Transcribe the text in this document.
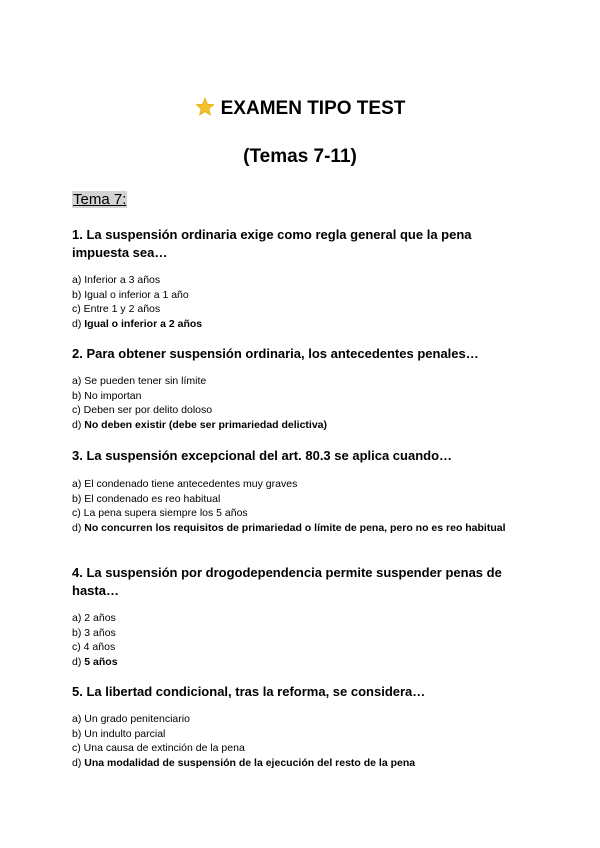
EXAMEN TIPO TEST
(Temas 7-11)
Tema 7:
1. La suspensión ordinaria exige como regla general que la pena impuesta sea…
a) Inferior a 3 años
b) Igual o inferior a 1 año
c) Entre 1 y 2 años
d) Igual o inferior a 2 años
2. Para obtener suspensión ordinaria, los antecedentes penales…
a) Se pueden tener sin límite
b) No importan
c) Deben ser por delito doloso
d) No deben existir (debe ser primariedad delictiva)
3. La suspensión excepcional del art. 80.3 se aplica cuando…
a) El condenado tiene antecedentes muy graves
b) El condenado es reo habitual
c) La pena supera siempre los 5 años
d) No concurren los requisitos de primariedad o límite de pena, pero no es reo habitual
4. La suspensión por drogodependencia permite suspender penas de hasta…
a) 2 años
b) 3 años
c) 4 años
d) 5 años
5. La libertad condicional, tras la reforma, se considera…
a) Un grado penitenciario
b) Un indulto parcial
c) Una causa de extinción de la pena
d) Una modalidad de suspensión de la ejecución del resto de la pena
